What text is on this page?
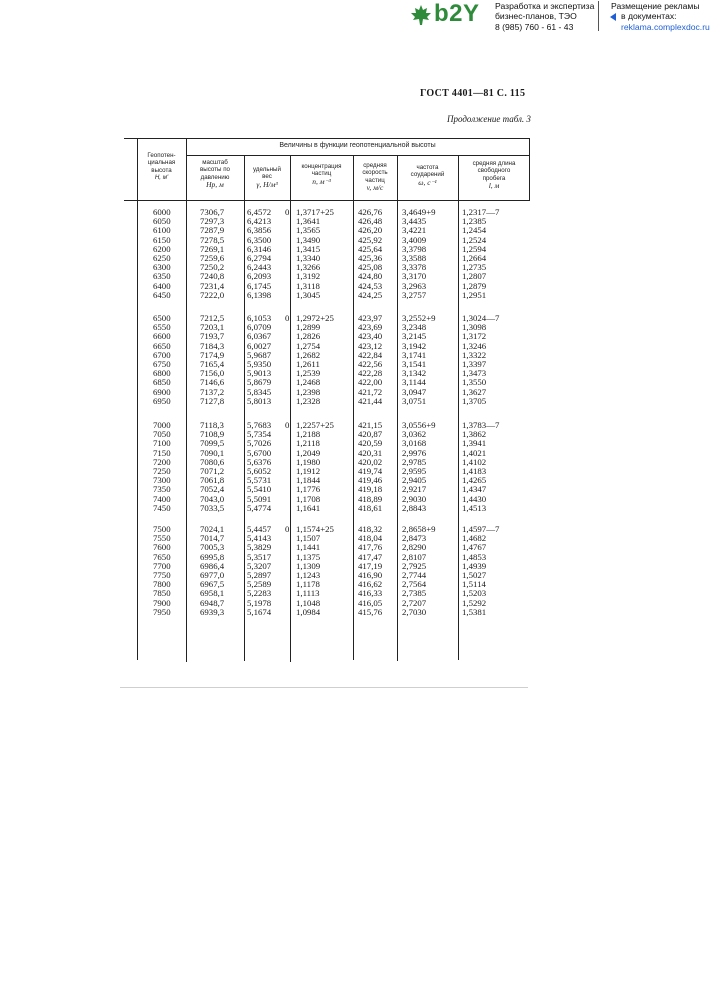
b2Y Разработка и экспертиза
бизнес-планов, ТЭО
8 (985) 760 - 61 - 43
Размещение рекламы
в документах:
reklama.complexdoc.ru
ГОСТ 4401—81 С. 115
Продолжение табл. 3
Величины в функции геопотенциальной высоты
Геопотен-
циальная
высота
H, м'
масштаб
высоты по
давлению
Hp, м
удельный
вес
γ, Н/м³
концентрация
частиц
n, м⁻³
средняя
скорость
частиц
v, м/с
частота
соударений
ω, с⁻¹
средняя длина
свободного
пробега
l, м
6000
6050
6100
6150
6200
6250
6300
6350
6400
6450
7306,7
7297,3
7287,9
7278,5
7269,1
7259,6
7250,2
7240,8
7231,4
7222,0
6,4572
6,4213
6,3856
6,3500
6,3146
6,2794
6,2443
6,2093
6,1745
6,1398
1,3717+25
1,3641
1,3565
1,3490
1,3415
1,3340
1,3266
1,3192
1,3118
1,3045
426,76
426,48
426,20
425,92
425,64
425,36
425,08
424,80
424,53
424,25
3,4649+9
3,4435
3,4221
3,4009
3,3798
3,3588
3,3378
3,3170
3,2963
3,2757
1,2317—7
1,2385
1,2454
1,2524
1,2594
1,2664
1,2735
1,2807
1,2879
1,2951
0
6500
6550
6600
6650
6700
6750
6800
6850
6900
6950
7212,5
7203,1
7193,7
7184,3
7174,9
7165,4
7156,0
7146,6
7137,2
7127,8
6,1053
6,0709
6,0367
6,0027
5,9687
5,9350
5,9013
5,8679
5,8345
5,8013
1,2972+25
1,2899
1,2826
1,2754
1,2682
1,2611
1,2539
1,2468
1,2398
1,2328
423,97
423,69
423,40
423,12
422,84
422,56
422,28
422,00
421,72
421,44
3,2552+9
3,2348
3,2145
3,1942
3,1741
3,1541
3,1342
3,1144
3,0947
3,0751
1,3024—7
1,3098
1,3172
1,3246
1,3322
1,3397
1,3473
1,3550
1,3627
1,3705
0
7000
7050
7100
7150
7200
7250
7300
7350
7400
7450
7118,3
7108,9
7099,5
7090,1
7080,6
7071,2
7061,8
7052,4
7043,0
7033,5
5,7683
5,7354
5,7026
5,6700
5,6376
5,6052
5,5731
5,5410
5,5091
5,4774
1,2257+25
1,2188
1,2118
1,2049
1,1980
1,1912
1,1844
1,1776
1,1708
1,1641
421,15
420,87
420,59
420,31
420,02
419,74
419,46
419,18
418,89
418,61
3,0556+9
3,0362
3,0168
2,9976
2,9785
2,9595
2,9405
2,9217
2,9030
2,8843
1,3783—7
1,3862
1,3941
1,4021
1,4102
1,4183
1,4265
1,4347
1,4430
1,4513
0
7500
7550
7600
7650
7700
7750
7800
7850
7900
7950
7024,1
7014,7
7005,3
6995,8
6986,4
6977,0
6967,5
6958,1
6948,7
6939,3
5,4457
5,4143
5,3829
5,3517
5,3207
5,2897
5,2589
5,2283
5,1978
5,1674
1,1574+25
1,1507
1,1441
1,1375
1,1309
1,1243
1,1178
1,1113
1,1048
1,0984
418,32
418,04
417,76
417,47
417,19
416,90
416,62
416,33
416,05
415,76
2,8658+9
2,8473
2,8290
2,8107
2,7925
2,7744
2,7564
2,7385
2,7207
2,7030
1,4597—7
1,4682
1,4767
1,4853
1,4939
1,5027
1,5114
1,5203
1,5292
1,5381
0
